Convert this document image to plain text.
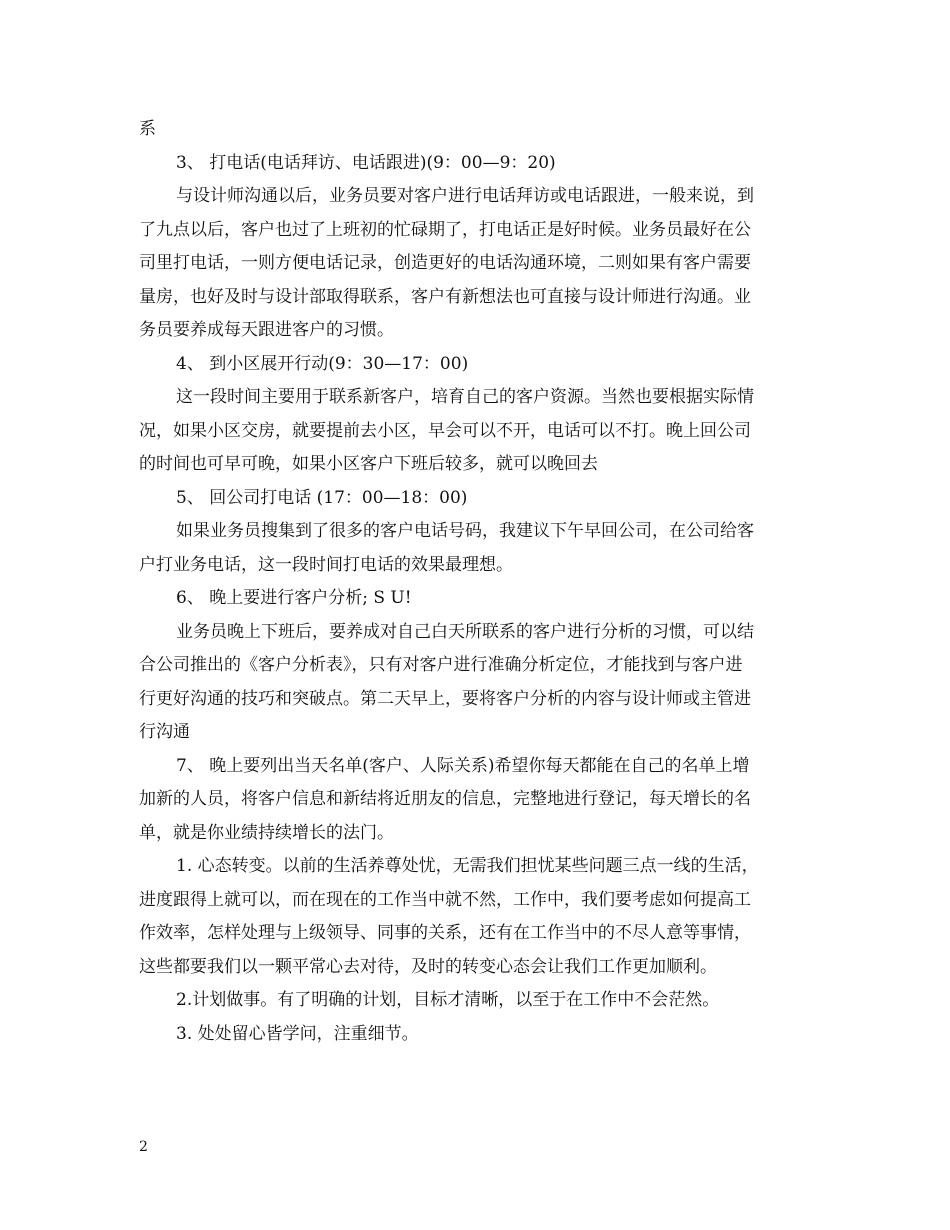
系
3、 打电话(电话拜访、电话跟进)(9：00—9：20)
与设计师沟通以后，业务员要对客户进行电话拜访或电话跟进，一般来说，到
了九点以后，客户也过了上班初的忙碌期了，打电话正是好时候。业务员最好在公
司里打电话，一则方便电话记录，创造更好的电话沟通环境，二则如果有客户需要
量房，也好及时与设计部取得联系，客户有新想法也可直接与设计师进行沟通。业
务员要养成每天跟进客户的习惯。
4、 到小区展开行动(9：30—17：00)
这一段时间主要用于联系新客户，培育自己的客户资源。当然也要根据实际情
况，如果小区交房，就要提前去小区，早会可以不开，电话可以不打。晚上回公司
的时间也可早可晚，如果小区客户下班后较多，就可以晚回去
5、 回公司打电话 (17：00—18：00)
如果业务员搜集到了很多的客户电话号码，我建议下午早回公司，在公司给客
户打业务电话，这一段时间打电话的效果最理想。
6、 晚上要进行客户分析; S U!
业务员晚上下班后，要养成对自己白天所联系的客户进行分析的习惯，可以结
合公司推出的《客户分析表》，只有对客户进行准确分析定位，才能找到与客户进
行更好沟通的技巧和突破点。第二天早上，要将客户分析的内容与设计师或主管进
行沟通
7、 晚上要列出当天名单(客户、人际关系)希望你每天都能在自己的名单上增
加新的人员，将客户信息和新结将近朋友的信息，完整地进行登记，每天增长的名
单，就是你业绩持续增长的法门。
1. 心态转变。以前的生活养尊处忧，无需我们担忧某些问题三点一线的生活，
进度跟得上就可以，而在现在的工作当中就不然，工作中，我们要考虑如何提高工
作效率，怎样处理与上级领导、同事的关系，还有在工作当中的不尽人意等事情，
这些都要我们以一颗平常心去对待，及时的转变心态会让我们工作更加顺利。
2.计划做事。有了明确的计划，目标才清晰，以至于在工作中不会茫然。
3. 处处留心皆学问，注重细节。
2
